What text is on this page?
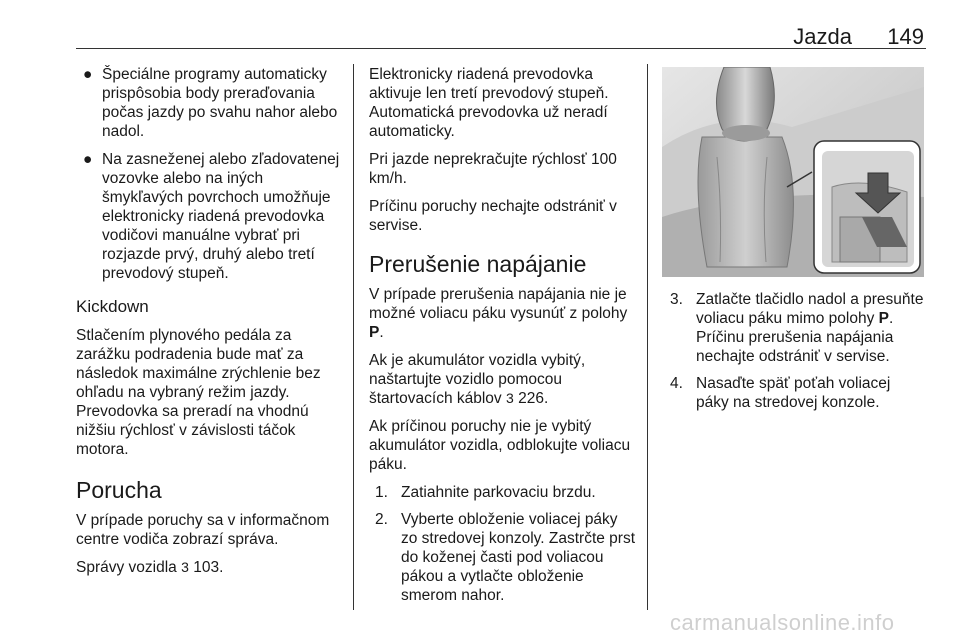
Jazda 149
● Špeciálne programy automaticky prispôsobia body preraďovania počas jazdy po svahu nahor alebo nadol.
● Na zasneženej alebo zľadovatenej vozovke alebo na iných šmykľavých povrchoch umožňuje elektronicky riadená prevodovka vodičovi manuálne vybrať pri rozjazde prvý, druhý alebo tretí prevodový stupeň.
Kickdown

Stlačením plynového pedála za zarážku podradenia bude mať za následok maximálne zrýchlenie bez ohľadu na vybraný režim jazdy. Prevodovka sa preradí na vhodnú nižšiu rýchlosť v závislosti táčok motora.

Porucha

V prípade poruchy sa v informačnom centre vodiča zobrazí správa.

Správy vozidla 3 103.

Elektronicky riadená prevodovka aktivuje len tretí prevodový stupeň. Automatická prevodovka už neradí automaticky.

Pri jazde neprekračujte rýchlosť 100 km/h.

Príčinu poruchy nechajte odstrániť v servise.

Prerušenie napájanie

V prípade prerušenia napájania nie je možné voliacu páku vysunúť z polohy P.

Ak je akumulátor vozidla vybitý, naštartujte vozidlo pomocou štartovacích káblov 3 226.

Ak príčinou poruchy nie je vybitý akumulátor vozidla, odblokujte voliacu páku.

1. Zatiahnite parkovaciu brzdu.
2. Vyberte obloženie voliacej páky zo stredovej konzoly. Zastrčte prst do koženej časti pod voliacou pákou a vytlačte obloženie smerom nahor.
3. Zatlačte tlačidlo nadol a presuňte voliacu páku mimo polohy P. Príčinu prerušenia napájania nechajte odstrániť v servise.
4. Nasaďte späť poťah voliacej páky na stredovej konzole.
carmanualsonline.info
